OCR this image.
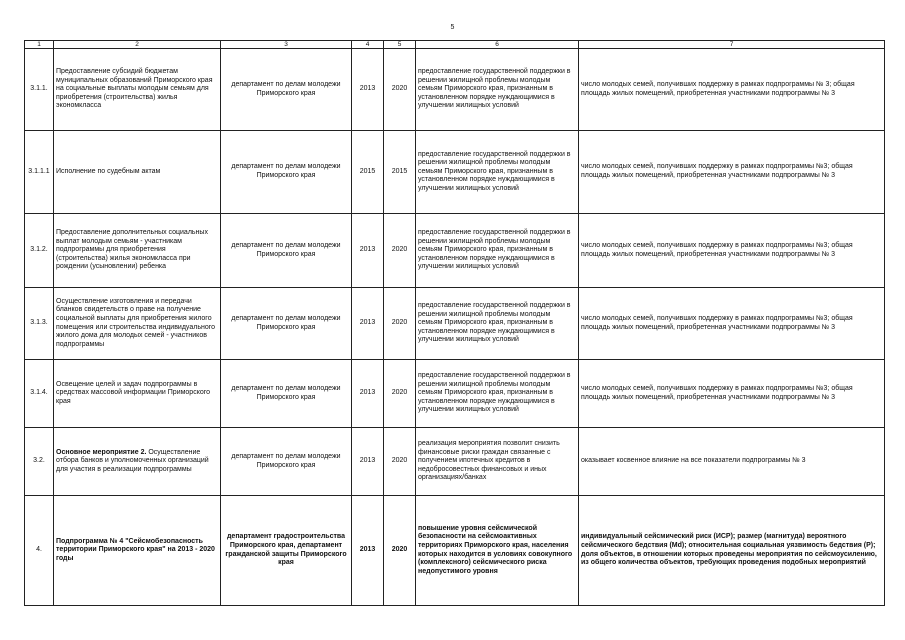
5
1	2	3	4	5	6	7
3.1.1.	Предоставление субсидий бюджетам муниципальных образований Приморского края на социальные выплаты молодым семьям для приобретения (строительства) жилья экономкласса	департамент по делам молодежи Приморского края	2013	2020	предоставление государственной поддержки в решении жилищной проблемы молодым семьям Приморского края, признанным в установленном порядке нуждающимися в улучшении жилищных условий	число молодых семей, получивших поддержку в рамках подпрограммы № 3; общая площадь жилых помещений, приобретенная участниками подпрограммы № 3
3.1.1.1	Исполнение по судебным актам	департамент по делам молодежи Приморского края	2015	2015	предоставление государственной поддержки в решении жилищной проблемы молодым семьям Приморского края, признанным в установленном порядке нуждающимися в улучшении жилищных условий	число молодых семей, получивших поддержку в рамках подпрограммы №3; общая площадь жилых помещений, приобретенная участниками подпрограммы № 3
3.1.2.	Предоставление дополнительных социальных выплат молодым семьям - участникам подпрограммы для приобретения (строительства) жилья экономкласса при рождении (усыновлении) ребенка	департамент по делам молодежи Приморского края	2013	2020	предоставление государственной поддержки в решении жилищной проблемы молодым семьям Приморского края, признанным в установленном порядке нуждающимися в улучшении жилищных условий	число молодых семей, получивших поддержку в рамках подпрограммы №3; общая площадь жилых помещений, приобретенная участниками подпрограммы № 3
3.1.3.	Осуществление изготовления и передачи бланков свидетельств о праве на получение социальной выплаты для приобретения жилого помещения или строительства индивидуального жилого дома для молодых семей - участников подпрограммы	департамент по делам молодежи Приморского края	2013	2020	предоставление государственной поддержки в решении жилищной проблемы молодым семьям Приморского края, признанным в установленном порядке нуждающимися в улучшении жилищных условий	число молодых семей, получивших поддержку в рамках подпрограммы №3; общая площадь жилых помещений, приобретенная участниками подпрограммы № 3
3.1.4.	Освещение целей и задач подпрограммы в средствах массовой информации Приморского края	департамент по делам молодежи Приморского края	2013	2020	предоставление государственной поддержки в решении жилищной проблемы молодым семьям Приморского края, признанным в установленном порядке нуждающимися в улучшении жилищных условий	число молодых семей, получивших поддержку в рамках подпрограммы №3; общая площадь жилых помещений, приобретенная участниками подпрограммы № 3
3.2.	Основное мероприятие 2. Осуществление отбора банков и уполномоченных организаций для участия в реализации подпрограммы	департамент по делам молодежи Приморского края	2013	2020	реализация мероприятия позволит снизить финансовые риски граждан связанные с получением ипотечных кредитов в недобросовестных финансовых и иных организациях/банках	оказывает косвенное влияние на все показатели подпрограммы № 3
4.	Подпрограмма № 4 "Сейсмобезопасность территории Приморского края" на 2013 - 2020 годы	департамент градостроительства Приморского края, департамент гражданской защиты Приморского края	2013	2020	повышение уровня сейсмической безопасности на сейсмоактивных территориях Приморского края, населения которых находится в условиях совокупного (комплексного) сейсмического риска недопустимого уровня	индивидуальный сейсмический риск (ИСР); размер (магнитуда) вероятного сейсмического бедствия (Md); относительная социальная уязвимость бедствия (Р); доля объектов, в отношении которых проведены мероприятия по сейсмоусилению, из общего количества объектов, требующих проведения подобных мероприятий
